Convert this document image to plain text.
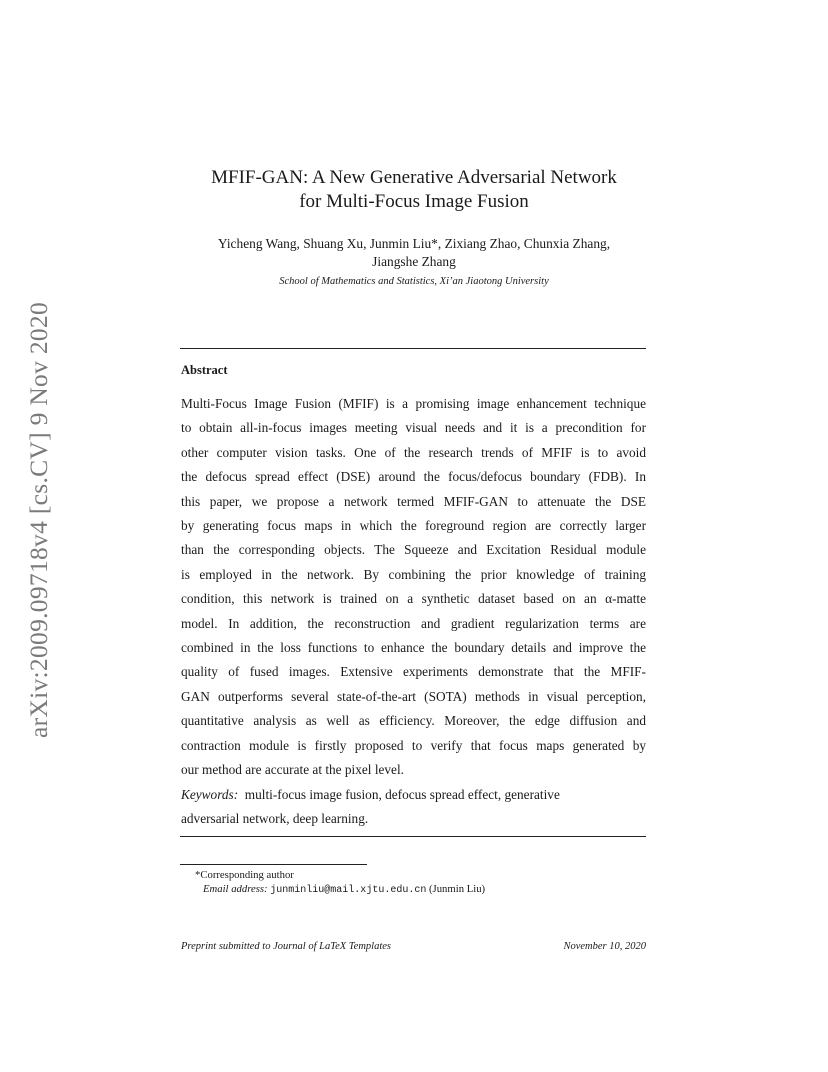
arXiv:2009.09718v4 [cs.CV] 9 Nov 2020
MFIF-GAN: A New Generative Adversarial Network
for Multi-Focus Image Fusion
Yicheng Wang, Shuang Xu, Junmin Liu*, Zixiang Zhao, Chunxia Zhang,
Jiangshe Zhang
School of Mathematics and Statistics, Xi’an Jiaotong University
Abstract
Multi-Focus Image Fusion (MFIF) is a promising image enhancement technique
to obtain all-in-focus images meeting visual needs and it is a precondition for
other computer vision tasks. One of the research trends of MFIF is to avoid
the defocus spread effect (DSE) around the focus/defocus boundary (FDB). In
this paper, we propose a network termed MFIF-GAN to attenuate the DSE
by generating focus maps in which the foreground region are correctly larger
than the corresponding objects. The Squeeze and Excitation Residual module
is employed in the network. By combining the prior knowledge of training
condition, this network is trained on a synthetic dataset based on an α-matte
model. In addition, the reconstruction and gradient regularization terms are
combined in the loss functions to enhance the boundary details and improve the
quality of fused images. Extensive experiments demonstrate that the MFIF-
GAN outperforms several state-of-the-art (SOTA) methods in visual perception,
quantitative analysis as well as efficiency. Moreover, the edge diffusion and
contraction module is firstly proposed to verify that focus maps generated by
our method are accurate at the pixel level.
Keywords: multi-focus image fusion, defocus spread effect, generative
adversarial network, deep learning.
*Corresponding author
Email address: junminliu@mail.xjtu.edu.cn (Junmin Liu)
Preprint submitted to Journal of LaTeX Templates	November 10, 2020
